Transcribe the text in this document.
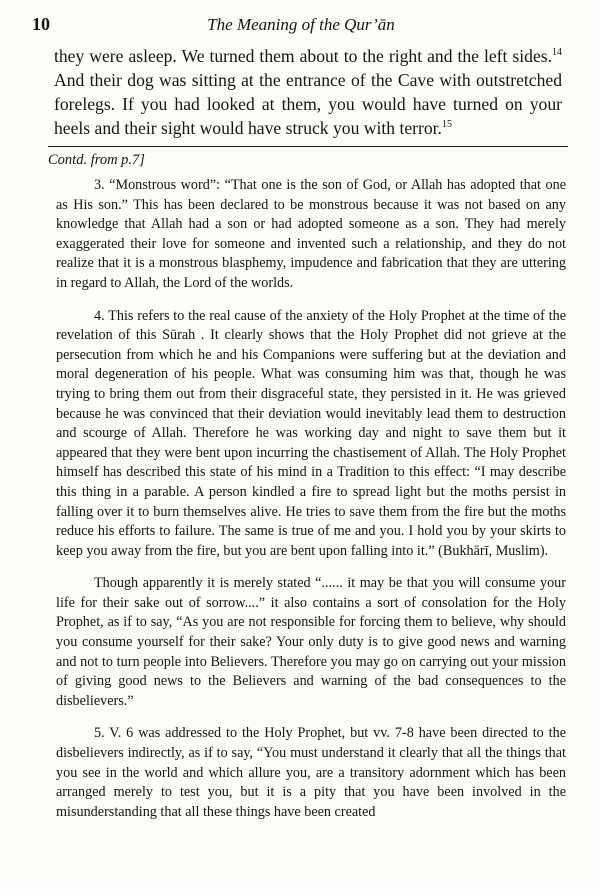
10	The Meaning of the Qur’ān

they were asleep. We turned them about to the right and the left sides.$^{14}$ And their dog was sitting at the entrance of the Cave with outstretched forelegs. If you had looked at them, you would have turned on your heels and their sight would have struck you with terror.$^{15}$

Contd. from p.7]

3. “Monstrous word”: “That one is the son of God, or Allah has adopted that one as His son.” This has been declared to be monstrous because it was not based on any knowledge that Allah had a son or had adopted someone as a son. They had merely exaggerated their love for someone and invented such a relationship, and they do not realize that it is a monstrous blasphemy, impudence and fabrication that they are uttering in regard to Allah, the Lord of the worlds.

4. This refers to the real cause of the anxiety of the Holy Prophet at the time of the revelation of this Sūrah . It clearly shows that the Holy Prophet did not grieve at the persecution from which he and his Companions were suffering but at the deviation and moral degeneration of his people. What was consuming him was that, though he was trying to bring them out from their disgraceful state, they persisted in it. He was grieved because he was convinced that their deviation would inevitably lead them to destruction and scourge of Allah. Therefore he was working day and night to save them but it appeared that they were bent upon incurring the chastisement of Allah. The Holy Prophet himself has described this state of his mind in a Tradition to this effect: “I may describe this thing in a parable. A person kindled a fire to spread light but the moths persist in falling over it to burn themselves alive. He tries to save them from the fire but the moths reduce his efforts to failure. The same is true of me and you. I hold you by your skirts to keep you away from the fire, but you are bent upon falling into it.” (Bukhārī, Muslim).

Though apparently it is merely stated “...... it may be that you will consume your life for their sake out of sorrow....” it also contains a sort of consolation for the Holy Prophet, as if to say, “As you are not responsible for forcing them to believe, why should you consume yourself for their sake? Your only duty is to give good news and warning and not to turn people into Believers. Therefore you may go on carrying out your mission of giving good news to the Believers and warning of the bad consequences to the disbelievers.”

5. V. 6 was addressed to the Holy Prophet, but vv. 7-8 have been directed to the disbelievers indirectly, as if to say, “You must understand it clearly that all the things that you see in the world and which allure you, are a transitory adornment which has been arranged merely to test you, but it is a pity that you have been involved in the misunderstanding that all these things have been created
